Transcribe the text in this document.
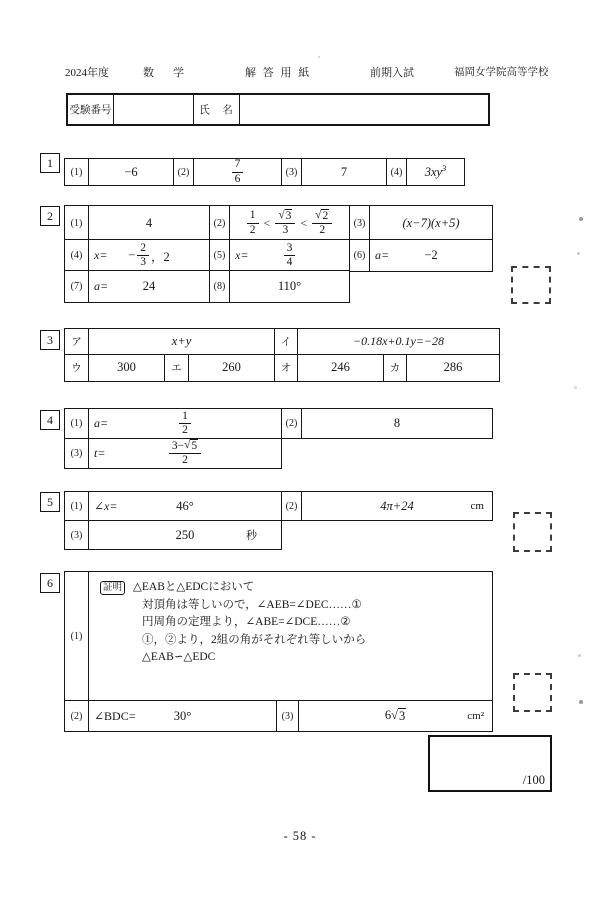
2024年度	数　学	解 答 用 紙	前期入試	福岡女学院高等学校
受験番号	氏　名
1
2
3
4
5
6
(1)	−6	(2)	$\frac{7}{6}$	(3)	7	(4) $3xy^3$
(1)	4	(2)	$\frac{1}{2} < \frac{√ 3}{3} < \frac{√ 2}{2}$	(3)	(x−7)(x+5)
(4) $x= - \frac{2}{3}$ ，2	(5) x=	$\frac{3}{4}$	(6) a=	−2
(7) a=	24	(8)	110°
ア	x+y	イ	−0.18x+0.1y=−28
ウ	300	エ	260	オ	246	カ	286
(1) a=	$\frac{1}{2}$	(2)	8
(3) t=	$\frac{3- √ 5}{2}$
(1) ∠x=	46°	(2)	4π+24	cm
(3)	250	秒
(1)
証明 △EABと△EDCにおいて
対頂角は等しいので，∠AEB=∠DEC……①
円周角の定理より，∠ABE=∠DCE……②
①，②より，2組の角がそれぞれ等しいから
△EAB∽△EDC
(2) ∠BDC=	30°	(3)	6 √ 3	cm²
/100
- 58 -
